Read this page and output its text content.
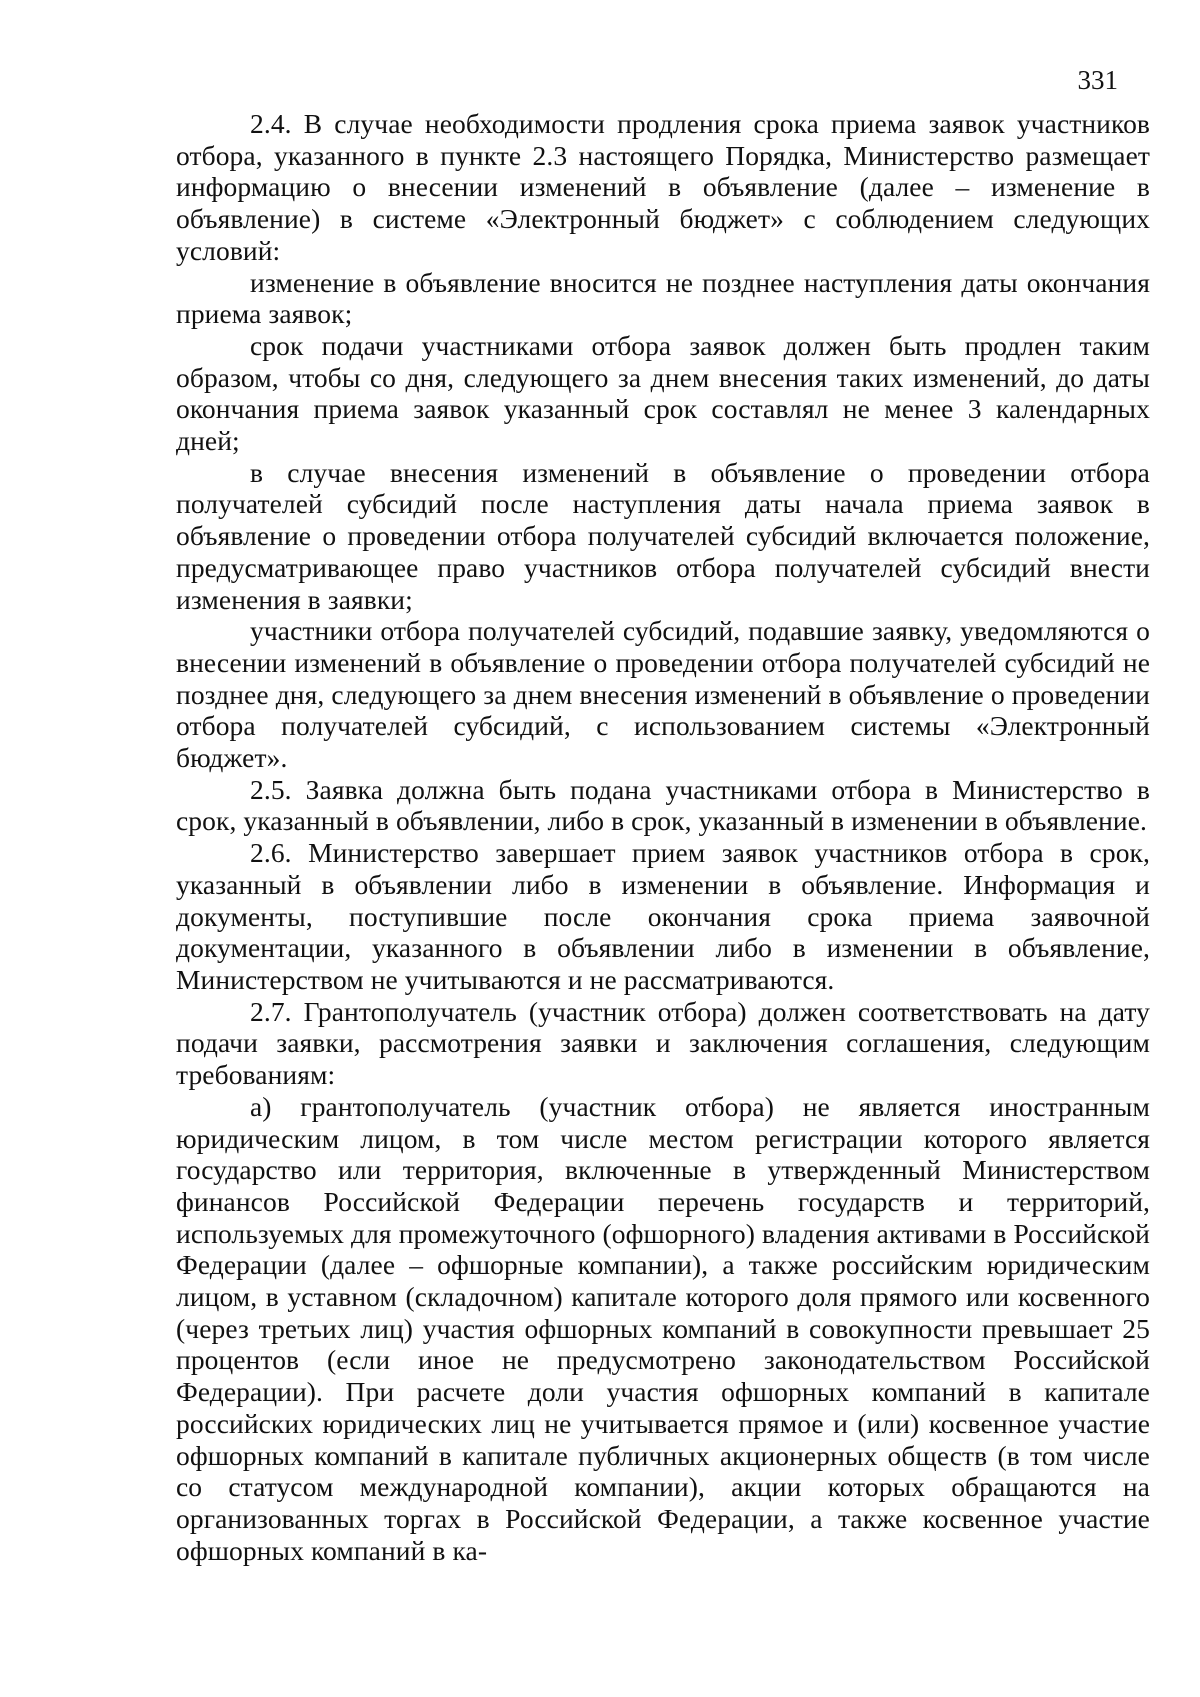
331

2.4. В случае необходимости продления срока приема заявок участников отбора, указанного в пункте 2.3 настоящего Порядка, Министерство размещает информацию о внесении изменений в объявление (далее – изменение в объявление) в системе «Электронный бюджет» с соблюдением следующих условий:

изменение в объявление вносится не позднее наступления даты окончания приема заявок;

срок подачи участниками отбора заявок должен быть продлен таким образом, чтобы со дня, следующего за днем внесения таких изменений, до даты окончания приема заявок указанный срок составлял не менее 3 календарных дней;

в случае внесения изменений в объявление о проведении отбора получателей субсидий после наступления даты начала приема заявок в объявление о проведении отбора получателей субсидий включается положение, предусматривающее право участников отбора получателей субсидий внести изменения в заявки;

участники отбора получателей субсидий, подавшие заявку, уведомляются о внесении изменений в объявление о проведении отбора получателей субсидий не позднее дня, следующего за днем внесения изменений в объявление о проведении отбора получателей субсидий, с использованием системы «Электронный бюджет».

2.5. Заявка должна быть подана участниками отбора в Министерство в срок, указанный в объявлении, либо в срок, указанный в изменении в объявление.

2.6. Министерство завершает прием заявок участников отбора в срок, указанный в объявлении либо в изменении в объявление. Информация и документы, поступившие после окончания срока приема заявочной документации, указанного в объявлении либо в изменении в объявление, Министерством не учитываются и не рассматриваются.

2.7. Грантополучатель (участник отбора) должен соответствовать на дату подачи заявки, рассмотрения заявки и заключения соглашения, следующим требованиям:

а) грантополучатель (участник отбора) не является иностранным юридическим лицом, в том числе местом регистрации которого является государство или территория, включенные в утвержденный Министерством финансов Российской Федерации перечень государств и территорий, используемых для промежуточного (офшорного) владения активами в Российской Федерации (далее – офшорные компании), а также российским юридическим лицом, в уставном (складочном) капитале которого доля прямого или косвенного (через третьих лиц) участия офшорных компаний в совокупности превышает 25 процентов (если иное не предусмотрено законодательством Российской Федерации). При расчете доли участия офшорных компаний в капитале российских юридических лиц не учитывается прямое и (или) косвенное участие офшорных компаний в капитале публичных акционерных обществ (в том числе со статусом международной компании), акции которых обращаются на организованных торгах в Российской Федерации, а также косвенное участие офшорных компаний в ка-
